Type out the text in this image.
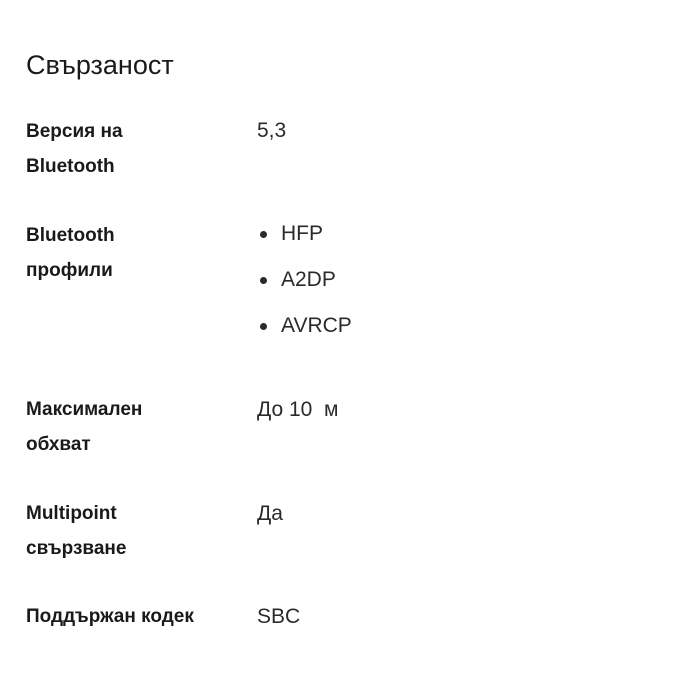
Свързаност
Версия на
Bluetooth
5,3
Bluetooth
профили
HFP
A2DP
AVRCP
Максимален
обхват
До 10  м
Multipoint
свързване
Да
Поддържан кодек	SBC
